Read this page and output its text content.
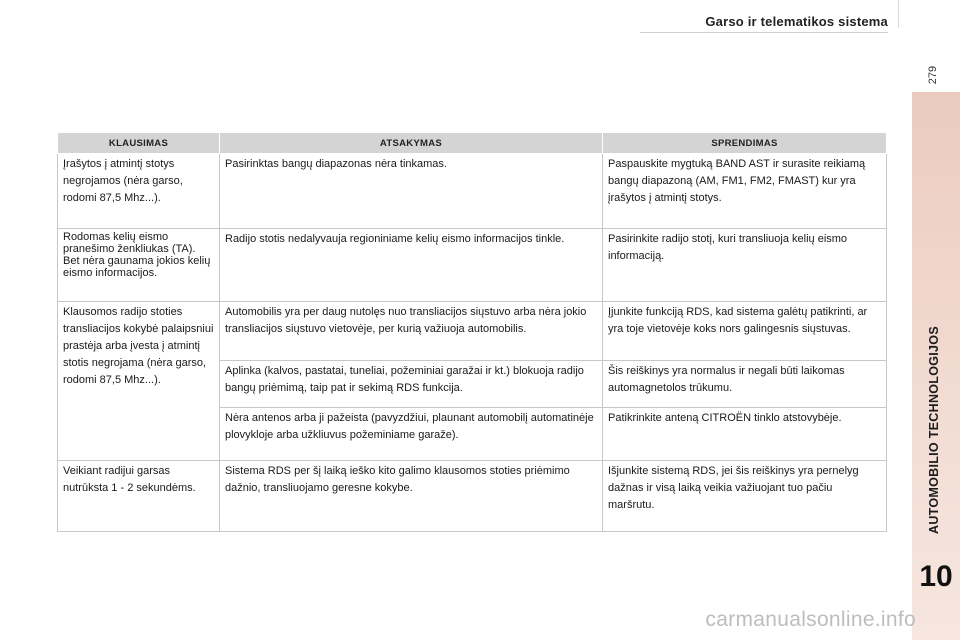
Garso ir telematikos sistema
279
AUTOMOBILIO TECHNOLOGIJOS
10
KLAUSIMAS	ATSAKYMAS	SPRENDIMAS
Įrašytos į atmintį stotys negrojamos (nėra garso, rodomi 87,5 Mhz...).	Pasirinktas bangų diapazonas nėra tinkamas.	Paspauskite mygtuką BAND AST ir surasite reikiamą bangų diapazoną (AM, FM1, FM2, FMAST) kur yra įrašytos į atmintį stotys.
Rodomas kelių eismo pranešimo ženkliukas (TA). Bet nėra gaunama jokios kelių eismo informacijos.	Radijo stotis nedalyvauja regioniniame kelių eismo informacijos tinkle.	Pasirinkite radijo stotį, kuri transliuoja kelių eismo informaciją.
Klausomos radijo stoties transliacijos kokybė palaipsniui prastėja arba įvesta į atmintį stotis negrojama (nėra garso, rodomi 87,5 Mhz...).	Automobilis yra per daug nutolęs nuo transliacijos siųstuvo arba nėra jokio transliacijos siųstuvo vietovėje, per kurią važiuoja automobilis.	Įjunkite funkciją RDS, kad sistema galėtų patikrinti, ar yra toje vietovėje koks nors galingesnis siųstuvas.
	Aplinka (kalvos, pastatai, tuneliai, požeminiai garažai ir kt.) blokuoja radijo bangų priėmimą, taip pat ir sekimą RDS funkcija.	Šis reiškinys yra normalus ir negali būti laikomas automagnetolos trūkumu.
	Nėra antenos arba ji pažeista (pavyzdžiui, plaunant automobilį automatinėje plovykloje arba užkliuvus požeminiame garaže).	Patikrinkite anteną CITROËN tinklo atstovybėje.
Veikiant radijui garsas nutrūksta 1 - 2 sekundėms.	Sistema RDS per šį laiką ieško kito galimo klausomos stoties priėmimo dažnio, transliuojamo geresne kokybe.	Išjunkite sistemą RDS, jei šis reiškinys yra pernelyg dažnas ir visą laiką veikia važiuojant tuo pačiu maršrutu.
carmanualsonline.info
